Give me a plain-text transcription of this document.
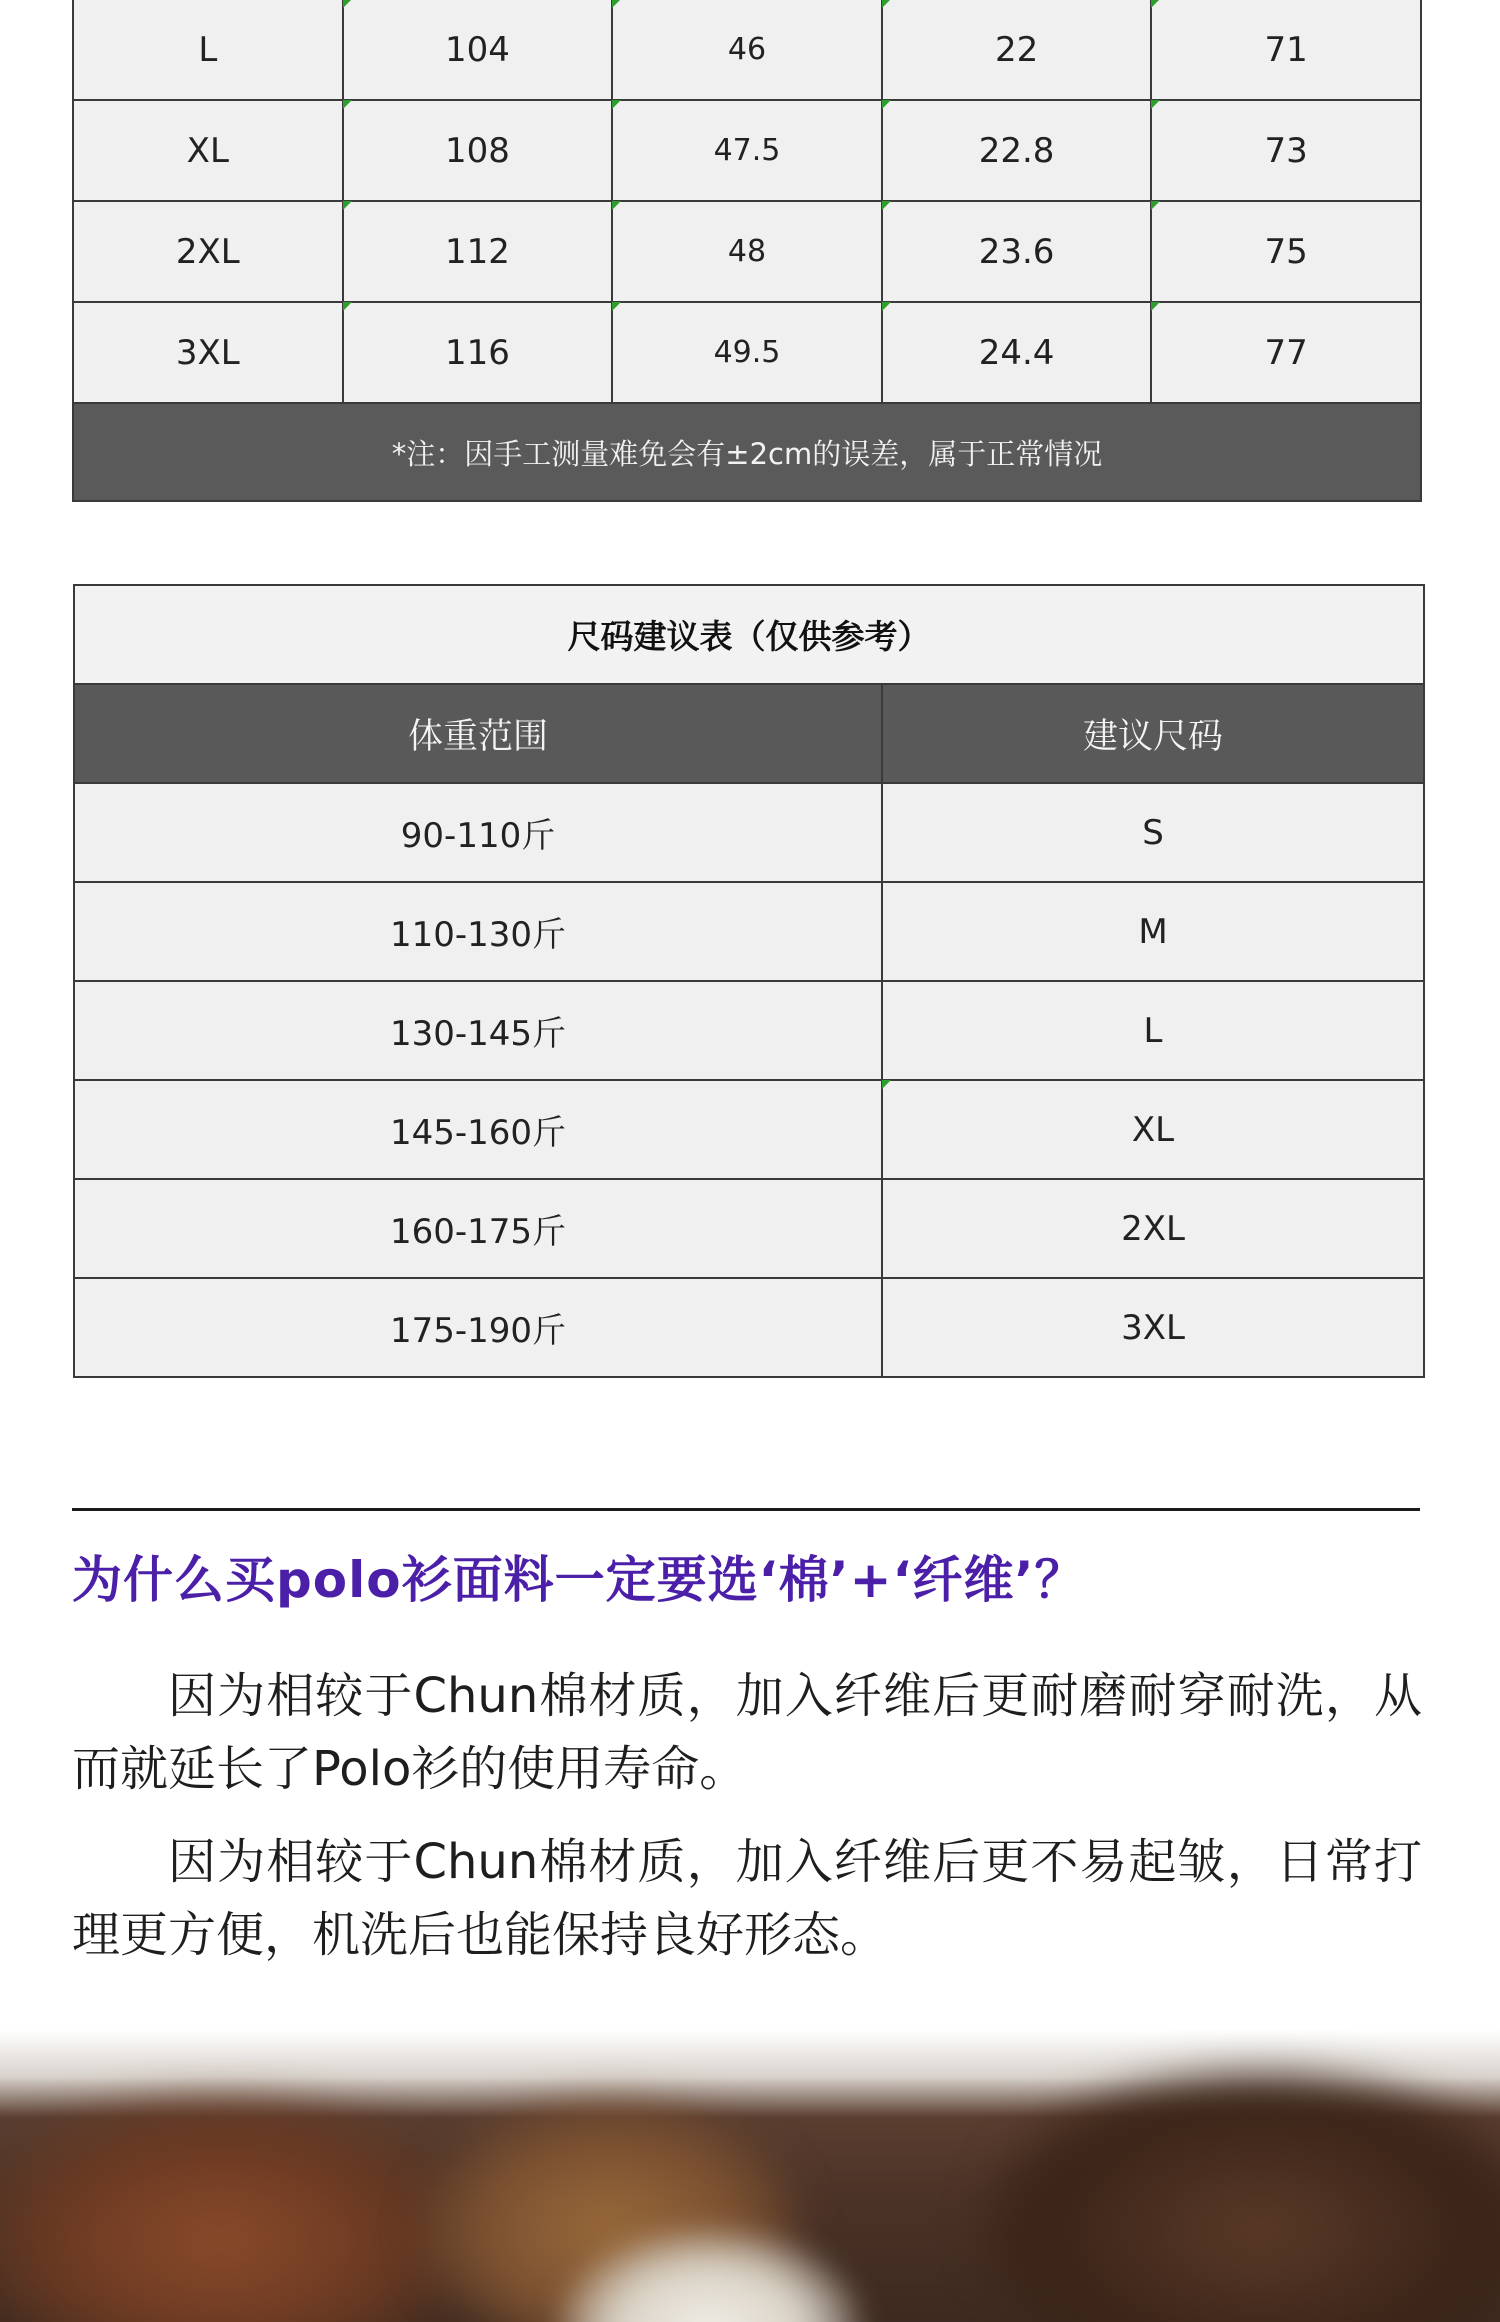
L	104	46	22	71
XL	108	47.5	22.8	73
2XL	112	48	23.6	75
3XL	116	49.5	24.4	77
*注：因手工测量难免会有±2cm的误差，属于正常情况				
尺码建议表（仅供参考）	
体重范围	建议尺码
90-110斤	S
110-130斤	M
130-145斤	L
145-160斤	XL
160-175斤	2XL
175-190斤	3XL
为什么买polo衫面料一定要选‘棉’+‘纤维’？

因为相较于Chun棉材质，加入纤维后更耐磨耐穿耐洗，从而就延长了Polo衫的使用寿命。

因为相较于Chun棉材质，加入纤维后更不易起皱，日常打理更方便，机洗后也能保持良好形态。
